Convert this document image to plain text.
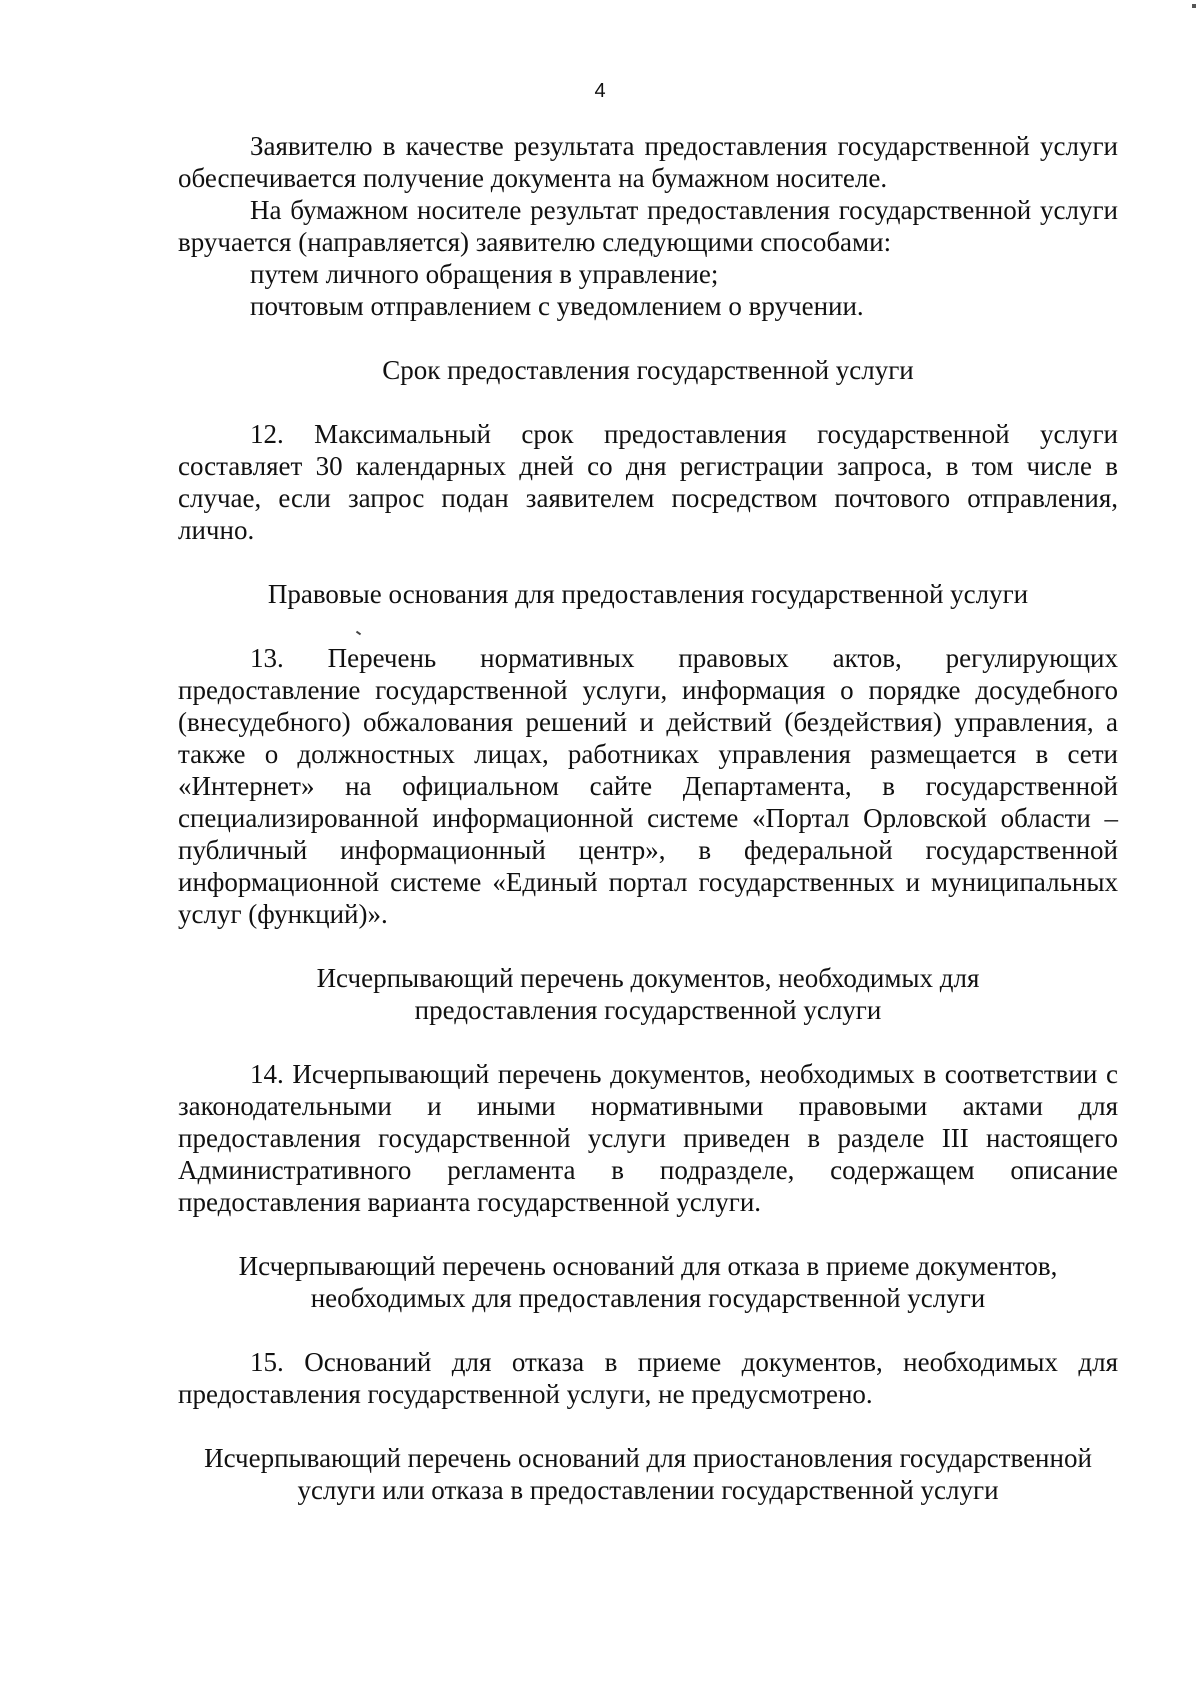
4

Заявителю в качестве результата предоставления государственной услуги обеспечивается получение документа на бумажном носителе.

На бумажном носителе результат предоставления государственной услуги вручается (направляется) заявителю следующими способами:

путем личного обращения в управление;

почтовым отправлением с уведомлением о вручении.

Срок предоставления государственной услуги

12. Максимальный срок предоставления государственной услуги составляет 30 календарных дней со дня регистрации запроса, в том числе в случае, если запрос подан заявителем посредством почтового отправления, лично.

Правовые основания для предоставления государственной услуги

13. Перечень нормативных правовых актов, регулирующих предоставление государственной услуги, информация о порядке досудебного (внесудебного) обжалования решений и действий (бездействия) управления, а также о должностных лицах, работниках управления размещается в сети «Интернет» на официальном сайте Департамента, в государственной специализированной информационной системе «Портал Орловской области – публичный информационный центр», в федеральной государственной информационной системе «Единый портал государственных и муниципальных услуг (функций)».

Исчерпывающий перечень документов, необходимых для

предоставления государственной услуги

14. Исчерпывающий перечень документов, необходимых в соответствии с законодательными и иными нормативными правовыми актами для предоставления государственной услуги приведен в разделе III настоящего Административного регламента в подразделе, содержащем описание предоставления варианта государственной услуги.

Исчерпывающий перечень оснований для отказа в приеме документов,

необходимых для предоставления государственной услуги

15. Оснований для отказа в приеме документов, необходимых для предоставления государственной услуги, не предусмотрено.

Исчерпывающий перечень оснований для приостановления государственной

услуги или отказа в предоставлении государственной услуги
